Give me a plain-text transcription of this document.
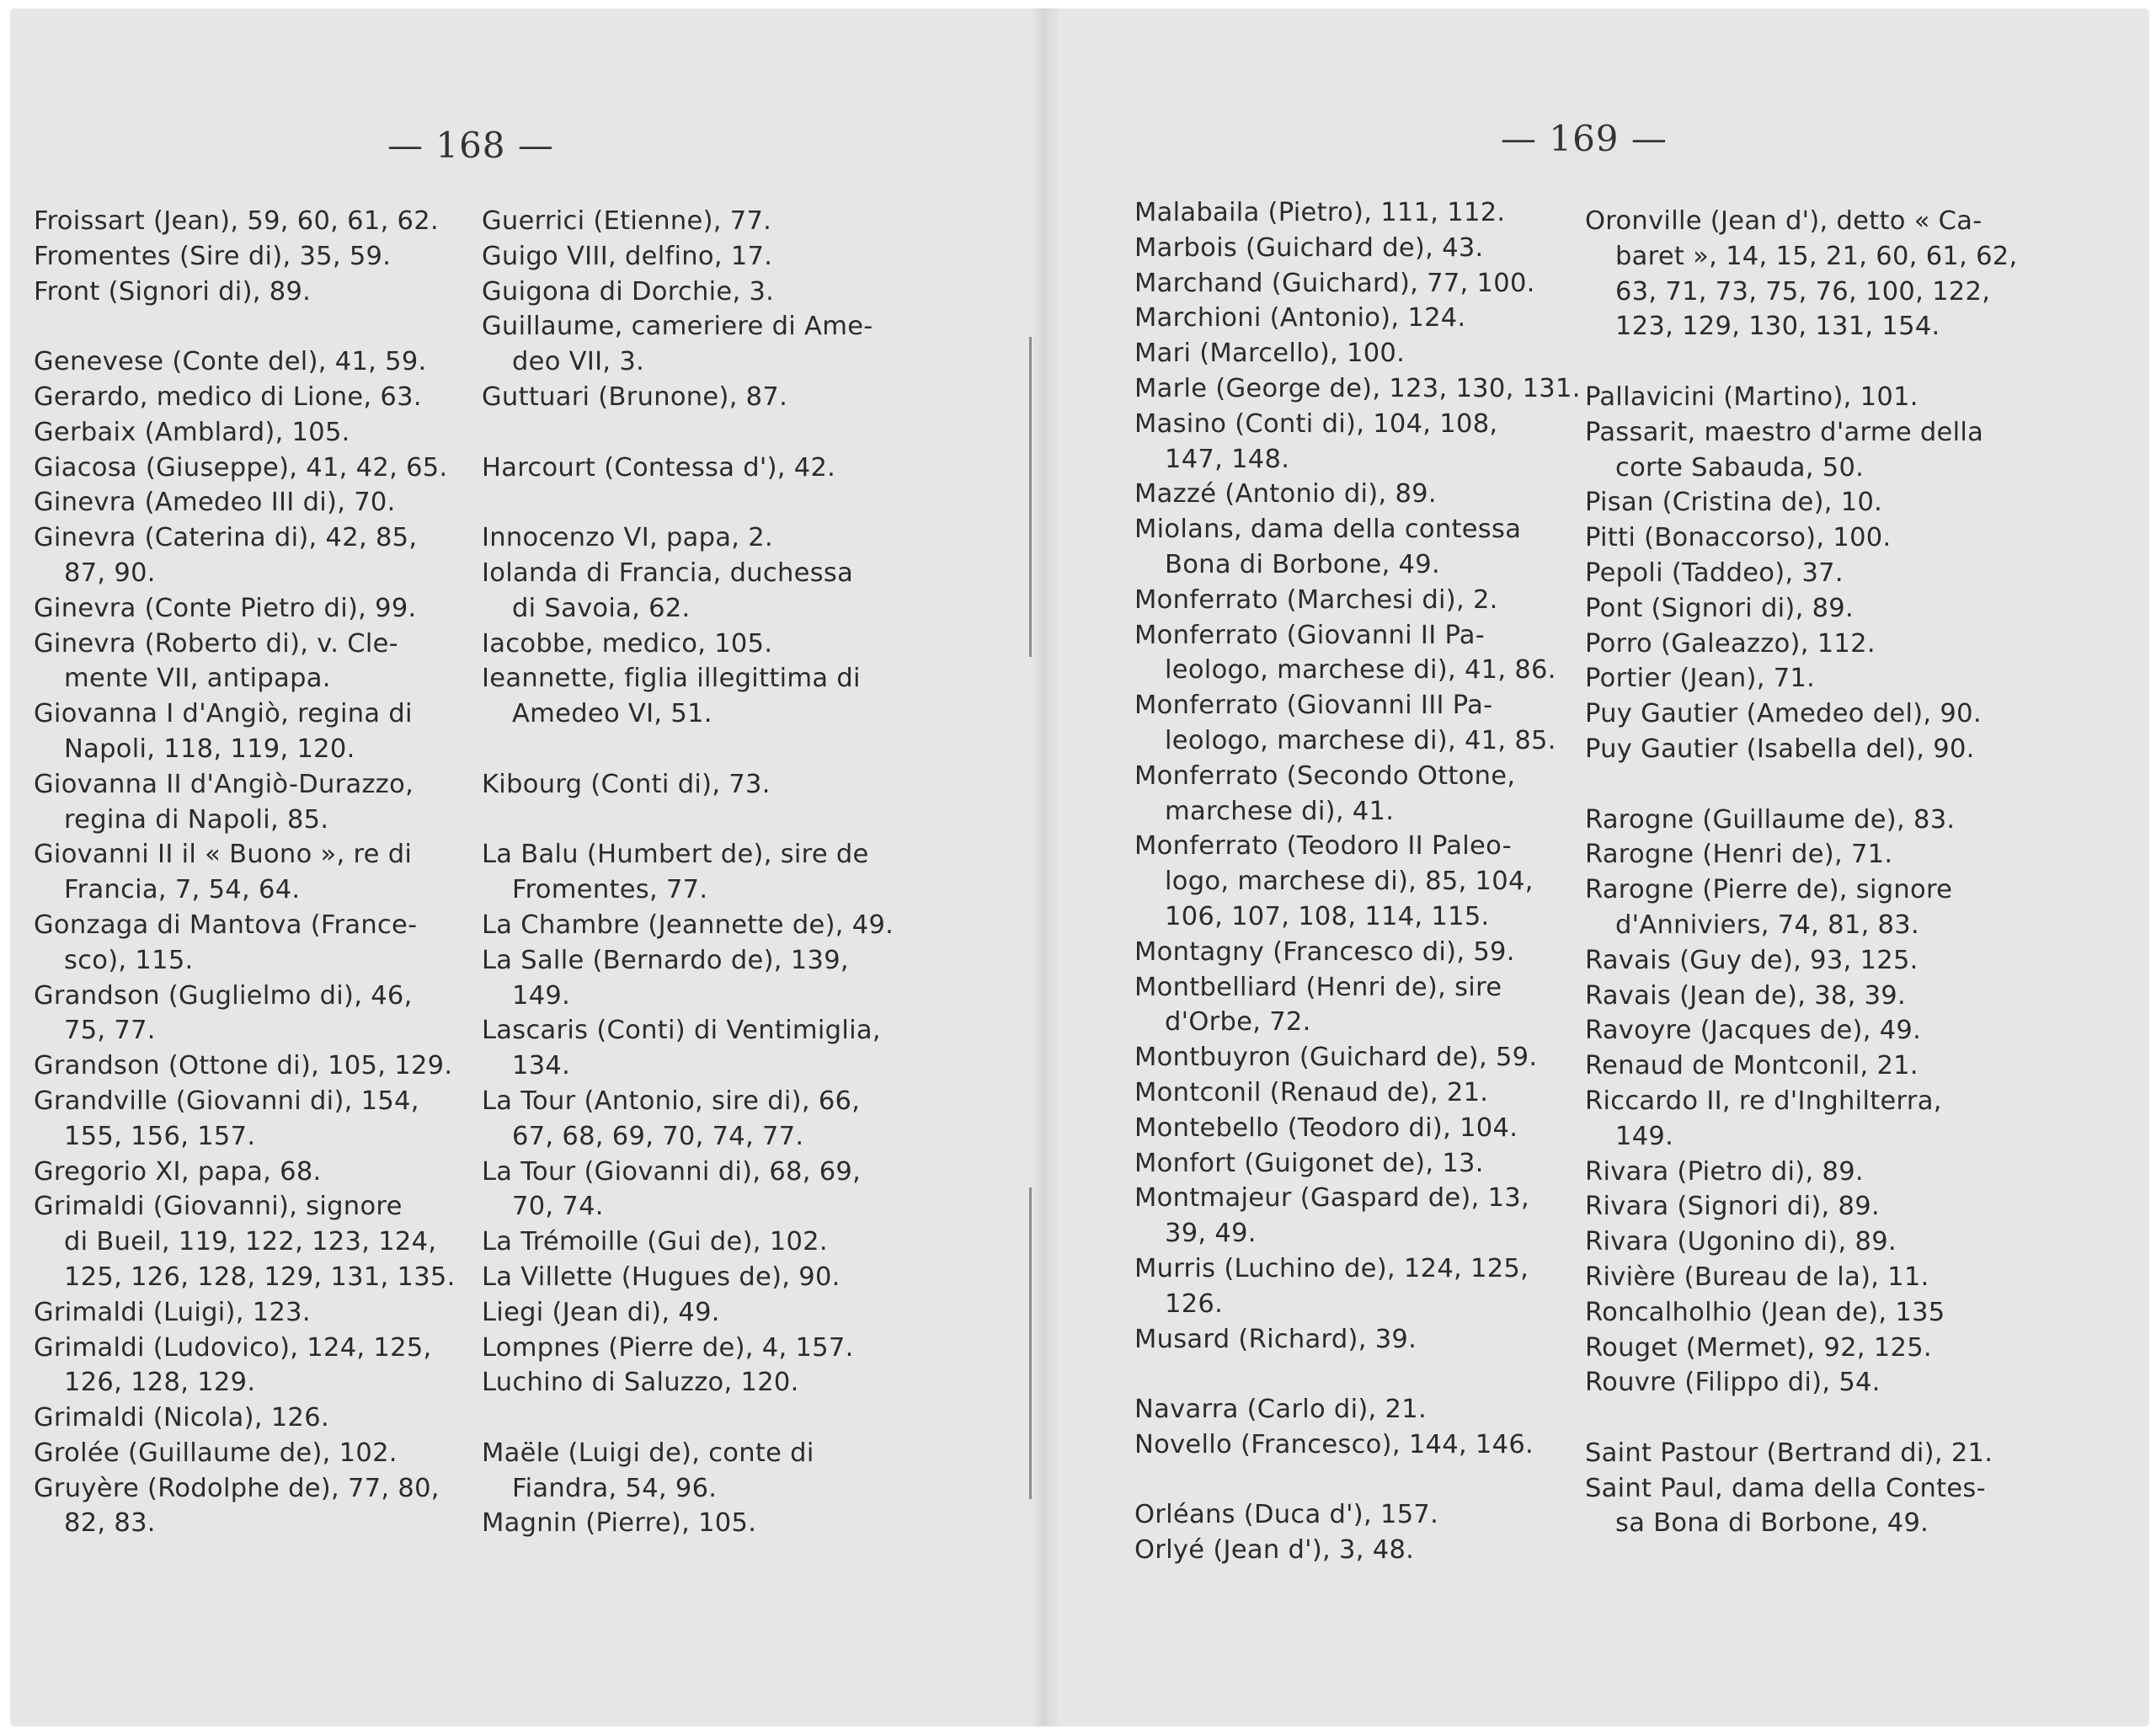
— 168 —	— 169 —
Froissart (Jean), 59, 60, 61, 62.
Fromentes (Sire di), 35, 59.
Front (Signori di), 89.
Genevese (Conte del), 41, 59.
Gerardo, medico di Lione, 63.
Gerbaix (Amblard), 105.
Giacosa (Giuseppe), 41, 42, 65.
Ginevra (Amedeo III di), 70.
Ginevra (Caterina di), 42, 85,
87, 90.
Ginevra (Conte Pietro di), 99.
Ginevra (Roberto di), v. Cle-
mente VII, antipapa.
Giovanna I d'Angiò, regina di
Napoli, 118, 119, 120.
Giovanna II d'Angiò-Durazzo,
regina di Napoli, 85.
Giovanni II il « Buono », re di
Francia, 7, 54, 64.
Gonzaga di Mantova (France-
sco), 115.
Grandson (Guglielmo di), 46,
75, 77.
Grandson (Ottone di), 105, 129.
Grandville (Giovanni di), 154,
155, 156, 157.
Gregorio XI, papa, 68.
Grimaldi (Giovanni), signore
di Bueil, 119, 122, 123, 124,
125, 126, 128, 129, 131, 135.
Grimaldi (Luigi), 123.
Grimaldi (Ludovico), 124, 125,
126, 128, 129.
Grimaldi (Nicola), 126.
Grolée (Guillaume de), 102.
Gruyère (Rodolphe de), 77, 80,
82, 83.
Guerrici (Etienne), 77.
Guigo VIII, delfino, 17.
Guigona di Dorchie, 3.
Guillaume, cameriere di Ame-
deo VII, 3.
Guttuari (Brunone), 87.
Harcourt (Contessa d'), 42.
Innocenzo VI, papa, 2.
Iolanda di Francia, duchessa
di Savoia, 62.
Iacobbe, medico, 105.
Ieannette, figlia illegittima di
Amedeo VI, 51.
Kibourg (Conti di), 73.
La Balu (Humbert de), sire de
Fromentes, 77.
La Chambre (Jeannette de), 49.
La Salle (Bernardo de), 139,
149.
Lascaris (Conti) di Ventimiglia,
134.
La Tour (Antonio, sire di), 66,
67, 68, 69, 70, 74, 77.
La Tour (Giovanni di), 68, 69,
70, 74.
La Trémoille (Gui de), 102.
La Villette (Hugues de), 90.
Liegi (Jean di), 49.
Lompnes (Pierre de), 4, 157.
Luchino di Saluzzo, 120.
Maële (Luigi de), conte di
Fiandra, 54, 96.
Magnin (Pierre), 105.
Malabaila (Pietro), 111, 112.
Marbois (Guichard de), 43.
Marchand (Guichard), 77, 100.
Marchioni (Antonio), 124.
Mari (Marcello), 100.
Marle (George de), 123, 130, 131.
Masino (Conti di), 104, 108,
147, 148.
Mazzé (Antonio di), 89.
Miolans, dama della contessa
Bona di Borbone, 49.
Monferrato (Marchesi di), 2.
Monferrato (Giovanni II Pa-
leologo, marchese di), 41, 86.
Monferrato (Giovanni III Pa-
leologo, marchese di), 41, 85.
Monferrato (Secondo Ottone,
marchese di), 41.
Monferrato (Teodoro II Paleo-
logo, marchese di), 85, 104,
106, 107, 108, 114, 115.
Montagny (Francesco di), 59.
Montbelliard (Henri de), sire
d'Orbe, 72.
Montbuyron (Guichard de), 59.
Montconil (Renaud de), 21.
Montebello (Teodoro di), 104.
Monfort (Guigonet de), 13.
Montmajeur (Gaspard de), 13,
39, 49.
Murris (Luchino de), 124, 125,
126.
Musard (Richard), 39.
Navarra (Carlo di), 21.
Novello (Francesco), 144, 146.
Orléans (Duca d'), 157.
Orlyé (Jean d'), 3, 48.
Oronville (Jean d'), detto « Ca-
baret », 14, 15, 21, 60, 61, 62,
63, 71, 73, 75, 76, 100, 122,
123, 129, 130, 131, 154.
Pallavicini (Martino), 101.
Passarit, maestro d'arme della
corte Sabauda, 50.
Pisan (Cristina de), 10.
Pitti (Bonaccorso), 100.
Pepoli (Taddeo), 37.
Pont (Signori di), 89.
Porro (Galeazzo), 112.
Portier (Jean), 71.
Puy Gautier (Amedeo del), 90.
Puy Gautier (Isabella del), 90.
Rarogne (Guillaume de), 83.
Rarogne (Henri de), 71.
Rarogne (Pierre de), signore
d'Anniviers, 74, 81, 83.
Ravais (Guy de), 93, 125.
Ravais (Jean de), 38, 39.
Ravoyre (Jacques de), 49.
Renaud de Montconil, 21.
Riccardo II, re d'Inghilterra,
149.
Rivara (Pietro di), 89.
Rivara (Signori di), 89.
Rivara (Ugonino di), 89.
Rivière (Bureau de la), 11.
Roncalholhio (Jean de), 135
Rouget (Mermet), 92, 125.
Rouvre (Filippo di), 54.
Saint Pastour (Bertrand di), 21.
Saint Paul, dama della Contes-
sa Bona di Borbone, 49.
